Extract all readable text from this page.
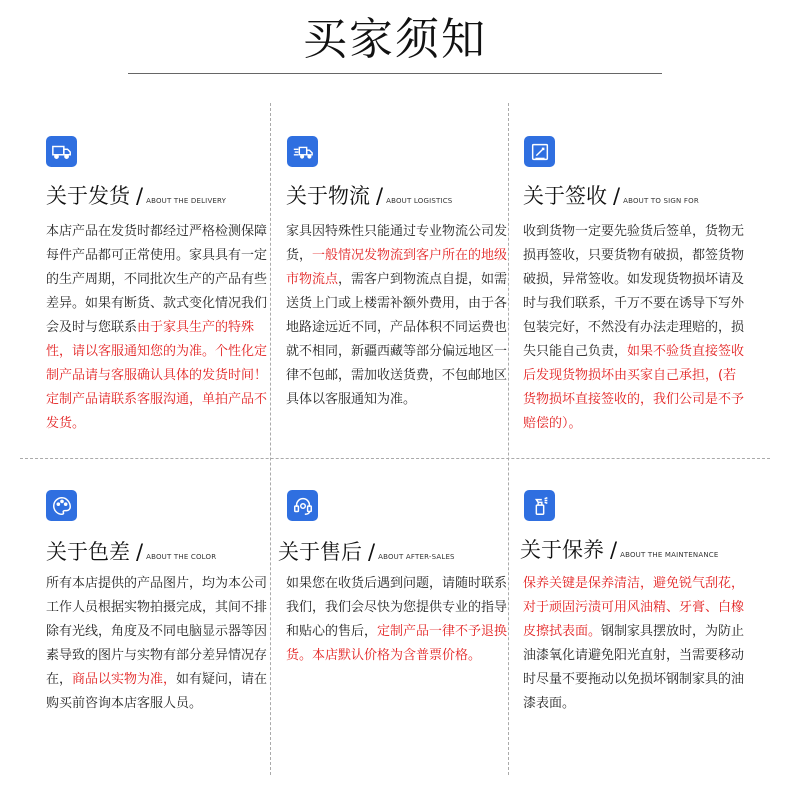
买家须知
关于发货 / ABOUT THE DELIVERY
本店产品在发货时都经过严格检测保障每件产品都可正常使用。家具具有一定的生产周期，不同批次生产的产品有些差异。如果有断货、款式变化情况我们会及时与您联系由于家具生产的特殊性，请以客服通知您的为准。个性化定制产品请与客服确认具体的发货时间！定制产品请联系客服沟通，单拍产品不发货。
关于物流 / ABOUT LOGISTICS
家具因特殊性只能通过专业物流公司发货，一般情况发物流到客户所在的地级市物流点，需客户到物流点自提，如需送货上门或上楼需补额外费用，由于各地路途远近不同，产品体积不同运费也就不相同，新疆西藏等部分偏远地区一律不包邮，需加收送货费，不包邮地区具体以客服通知为准。
关于签收 / ABOUT TO SIGN FOR
收到货物一定要先验货后签单，货物无损再签收，只要货物有破损，都签货物破损，异常签收。如发现货物损坏请及时与我们联系，千万不要在诱导下写外包装完好，不然没有办法走理赔的，损失只能自己负责，如果不验货直接签收后发现货物损坏由买家自己承担，(若货物损坏直接签收的，我们公司是不予赔偿的）。
关于色差 / ABOUT THE COLOR
所有本店提供的产品图片，均为本公司工作人员根据实物拍摄完成，其间不排除有光线，角度及不同电脑显示器等因素导致的图片与实物有部分差异情况存在，商品以实物为准，如有疑问，请在购买前咨询本店客服人员。
关于售后 / ABOUT AFTER-SALES
如果您在收货后遇到问题，请随时联系我们，我们会尽快为您提供专业的指导和贴心的售后，定制产品一律不予退换货。本店默认价格为含普票价格。
关于保养 / ABOUT THE MAINTENANCE
保养关键是保养清洁，避免锐气刮花，对于顽固污渍可用风油精、牙膏、白橡皮擦拭表面。钢制家具摆放时，为防止油漆氧化请避免阳光直射，当需要移动时尽量不要拖动以免损坏钢制家具的油漆表面。
